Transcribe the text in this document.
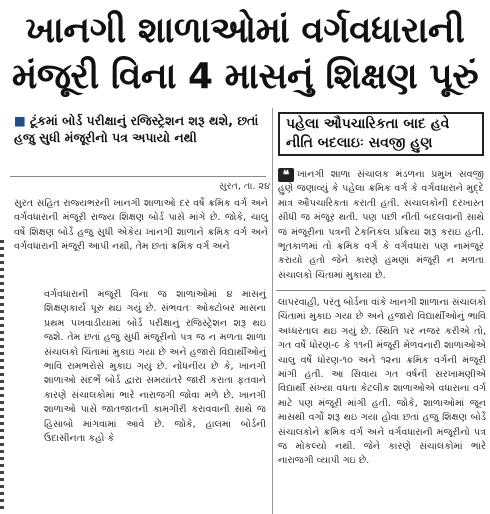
ખાનગી શાળાઓમાં વર્ગવધારાની
મંજૂરી વિના 4 માસનું શિક્ષણ પૂરું
■ ટૂંકમાં બોર્ડ પરીક્ષાનું રજિસ્ટ્રેશન શરૂ થશે, છતાં હજુ સુધી મંજૂરીનો પત્ર અપાયો નથી
સુરત, તા. ૨૪
પહેલા ઔપચારિકતા બાદ હવે
નીતિ બદલાઇઃ સવજી હુણ
સુરત સહિત રાજ્યભરની ખાનગી શાળાઓ દર વર્ષે ક્રમિક વર્ગ અને વર્ગવધારાની મંજૂરી રાજ્ય શિક્ષણ બોર્ડ પાસે માંગે છે. જોકે, ચાલુ વર્ષે શિક્ષણ બોર્ડે હજુ સુધી એકેય ખાનગી શાળાને ક્રમિક વર્ગ અને વર્ગવધારાની મંજૂરી આપી નથી, તેમ છતાં ક્રમિક વર્ગ અને
વર્ગવધારાની મંજૂરી વિના જ શાળાઓમાં ૪ માસનું શિક્ષણકાર્ય પૂરુ થઇ ગયું છે. સંભવતઃ ઓક્ટોબર માસના પ્રથમ પખવાડીયામાં બોર્ડ પરીક્ષાનું રજિસ્ટ્રેશન શરૂ થઇ જશે. તેમ છતાં હજુ સુધી મંજૂરીનો પત્ર જ ન મળતા શાળા સંચાલકો ચિંતામાં મુકાઇ ગયા છે અને હજારો વિદ્યાર્થીઓનું ભાવિ રામભરોસે મુકાઇ ગયું છે. નોંધનીય છે કે, ખાનગી શાળાઓ સંદર્ભે બોર્ડ દ્વારા સમયાંતરે જારી કરાતા ફતવાને કારણે સંચાલકોમાં ભારે નારાજગી જોવા મળે છે. ખાનગી શાળાઓ પાસે જાતજાતની કામગીરી કરાવવાની સાથે જ હિસાબો માંગવામાં આવે છે. જોકે, હાલમાં બોર્ડની ઉદાસીનતા કહો કે
❝ ખાનગી શાળા સંચાલક મંડળના પ્રમુખ સવજી હુણે જણાવ્યું કે પહેલા ક્રમિક વર્ગ કે વર્ગવધારાને મુદ્દે માત્ર ઔપચારિકતા કરાતી હતી. સંચાલકોની દરખાસ્ત સીધી જ મંજૂર થતી. પણ પછી નીતી બદલવાની સાથે જ મંજૂરીના પત્રની ટેકનિકલ પ્રક્રિયા શરૂ કરાઇ હતી. ભૂતકાળમાં તો ક્રમિક વર્ગ કે વર્ગવધારા પણ નામંજૂર કરાયો હતો જેને કારણે હમણાં મંજૂરી ન મળતા સંચાલકો ચિંતામાં મુકાયા છે.
લાપરવાહી, પરંતુ બોર્ડના વાંકે ખાનગી શાળાના સંચાલકો ચિંતામાં મુકાઇ ગયા છે અને હજારો વિદ્યાર્થીઓનું ભાવિ અધ્ધરતાલ થઇ ગયું છે. સ્થિતિ પર નજર કરીએ તો, ગત વર્ષે ધોરણ-૯ કે ૧૧ની મંજૂરી મેળવનારી શાળાઓએ ચાલુ વર્ષે ધોરણ-૧૦ અને ૧૨ના ક્રમિક વર્ગની મંજૂરી માંગી હતી. આ સિવાય ગત વર્ષની સરખામણીએ વિદ્યાર્થી સંખ્યા વધતા કેટલીક શાળાઓએ વધારાના વર્ગ માટે પણ મંજૂરી માંગી હતી. જોકે, શાળાઓમાં જૂન માસથી વર્ગો શરૂ થઇ ગયા હોવા છતાં હજુ શિક્ષણ બોર્ડે સંચાલકોને ક્રમિક વર્ગ અને વર્ગવધારાની મંજૂરીનો પત્ર જ મોકલ્યો નથી. જેને કારણે સંચાલકોમાં ભારે નારાજગી વ્યાપી ગઇ છે.
